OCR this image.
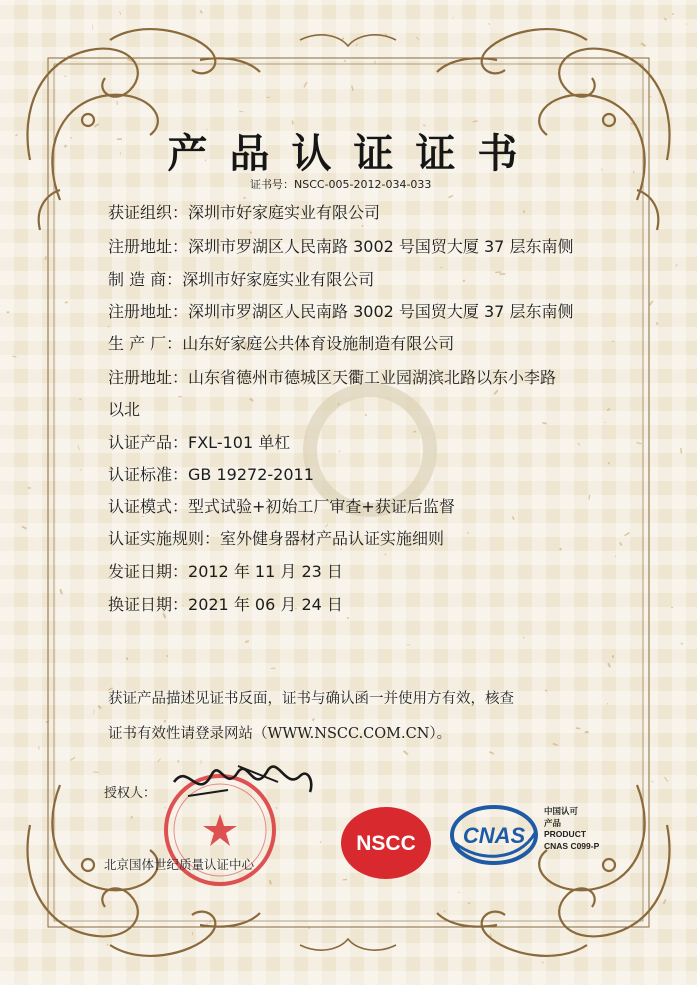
产品认证证书
证书号：NSCC-005-2012-034-033
获证组织：深圳市好家庭实业有限公司
注册地址：深圳市罗湖区人民南路 3002 号国贸大厦 37 层东南侧
制 造 商：深圳市好家庭实业有限公司
注册地址：深圳市罗湖区人民南路 3002 号国贸大厦 37 层东南侧
生 产 厂：山东好家庭公共体育设施制造有限公司
注册地址：山东省德州市德城区天衢工业园湖滨北路以东小李路
以北
认证产品：FXL-101 单杠
认证标准：GB 19272-2011
认证模式：型式试验+初始工厂审查+获证后监督
认证实施规则：室外健身器材产品认证实施细则
发证日期：2012 年 11 月 23 日
换证日期：2021 年 06 月 24 日
获证产品描述见证书反面，证书与确认函一并使用方有效，核查
证书有效性请登录网站（WWW.NSCC.COM.CN）。
授权人：
北京国体世纪质量认证中心
NSCC CNAS
中国认可
产品
PRODUCT
CNAS C099-P
